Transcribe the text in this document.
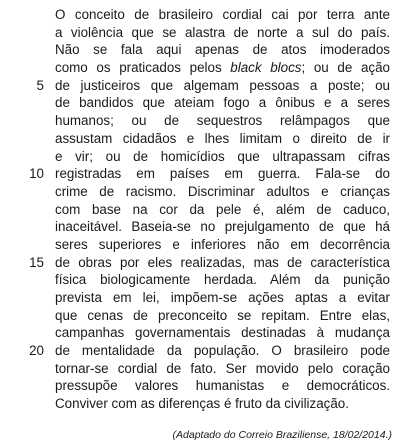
O conceito de brasileiro cordial cai por terra ante
a violência que se alastra de norte a sul do país.
Não se fala aqui apenas de atos imoderados
como os praticados pelos black blocs; ou de ação
5 de justiceiros que algemam pessoas a poste; ou
de bandidos que ateiam fogo a ônibus e a seres
humanos; ou de sequestros relâmpagos que
assustam cidadãos e lhes limitam o direito de ir
e vir; ou de homicídios que ultrapassam cifras
10 registradas em países em guerra. Fala-se do
crime de racismo. Discriminar adultos e crianças
com base na cor da pele é, além de caduco,
inaceitável. Baseia-se no prejulgamento de que há
seres superiores e inferiores não em decorrência
15 de obras por eles realizadas, mas de característica
física biologicamente herdada. Além da punição
prevista em lei, impõem-se ações aptas a evitar
que cenas de preconceito se repitam. Entre elas,
campanhas governamentais destinadas à mudança
20 de mentalidade da população. O brasileiro pode
tornar-se cordial de fato. Ser movido pelo coração
pressupõe valores humanistas e democráticos.
Conviver com as diferenças é fruto da civilização.
(Adaptado do Correio Braziliense, 18/02/2014.)
